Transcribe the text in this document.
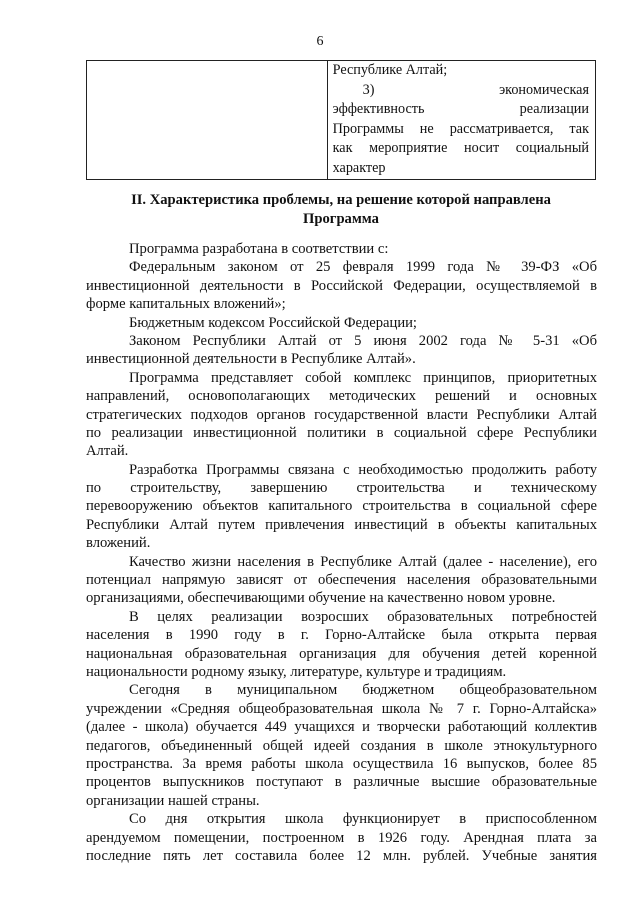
6

Республике Алтай;
3) экономическая
эффективность реализации
Программы не рассматривается, так
как мероприятие носит социальный
характер
II. Характеристика проблемы, на решение которой направлена
Программа
Программа разработана в соответствии с:
Федеральным законом от 25 февраля 1999 года № 39-ФЗ «Об
инвестиционной деятельности в Российской Федерации, осуществляемой в
форме капитальных вложений»;
Бюджетным кодексом Российской Федерации;
Законом Республики Алтай от 5 июня 2002 года № 5-31 «Об
инвестиционной деятельности в Республике Алтай».
Программа представляет собой комплекс принципов, приоритетных
направлений, основополагающих методических решений и основных
стратегических подходов органов государственной власти Республики Алтай
по реализации инвестиционной политики в социальной сфере Республики
Алтай.
Разработка Программы связана с необходимостью продолжить работу
по строительству, завершению строительства и техническому
перевооружению объектов капитального строительства в социальной сфере
Республики Алтай путем привлечения инвестиций в объекты капитальных
вложений.
Качество жизни населения в Республике Алтай (далее - население), его
потенциал напрямую зависят от обеспечения населения образовательными
организациями, обеспечивающими обучение на качественно новом уровне.
В целях реализации возросших образовательных потребностей
населения в 1990 году в г. Горно-Алтайске была открыта первая
национальная образовательная организация для обучения детей коренной
национальности родному языку, литературе, культуре и традициям.
Сегодня в муниципальном бюджетном общеобразовательном
учреждении «Средняя общеобразовательная школа № 7 г. Горно-Алтайска»
(далее - школа) обучается 449 учащихся и творчески работающий коллектив
педагогов, объединенный общей идеей создания в школе этнокультурного
пространства. За время работы школа осуществила 16 выпусков, более 85
процентов выпускников поступают в различные высшие образовательные
организации нашей страны.
Со дня открытия школа функционирует в приспособленном
арендуемом помещении, построенном в 1926 году. Арендная плата за
последние пять лет составила более 12 млн. рублей. Учебные занятия
